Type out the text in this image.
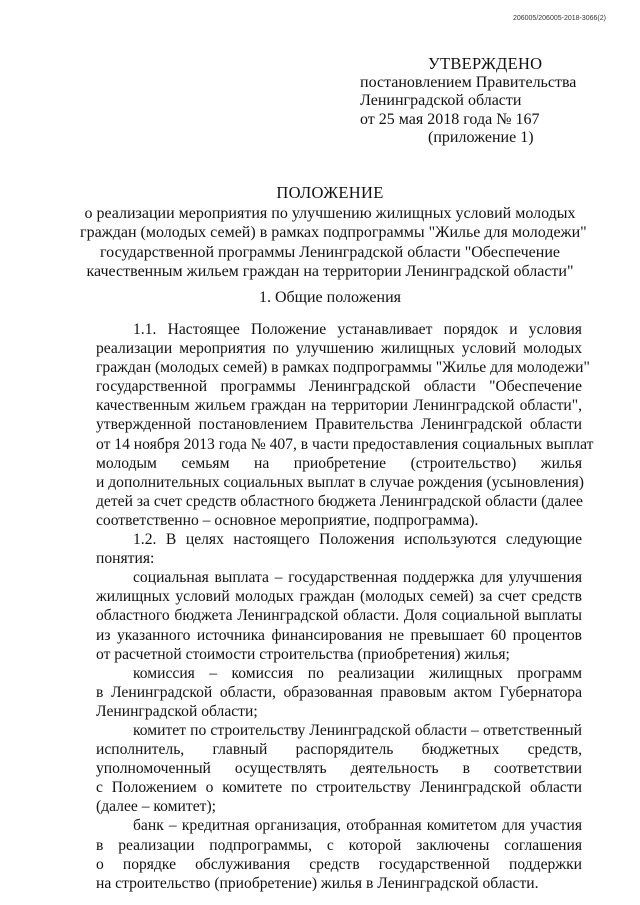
206005/206005-2018-3066(2)
УТВЕРЖДЕНО
постановлением Правительства
Ленинградской области
от 25 мая 2018 года № 167
(приложение 1)
ПОЛОЖЕНИЕ
о реализации мероприятия по улучшению жилищных условий молодых
граждан (молодых семей) в рамках подпрограммы "Жилье для молодежи"
государственной программы Ленинградской области "Обеспечение
качественным жильем граждан на территории Ленинградской области"
1. Общие положения

1.1. Настоящее Положение устанавливает порядок и условия
реализации мероприятия по улучшению жилищных условий молодых
граждан (молодых семей) в рамках подпрограммы "Жилье для молодежи"
государственной программы Ленинградской области "Обеспечение
качественным жильем граждан на территории Ленинградской области",
утвержденной постановлением Правительства Ленинградской области
от 14 ноября 2013 года № 407, в части предоставления социальных выплат
молодым семьям на приобретение (строительство) жилья
и дополнительных социальных выплат в случае рождения (усыновления)
детей за счет средств областного бюджета Ленинградской области (далее
соответственно – основное мероприятие, подпрограмма).

1.2. В целях настоящего Положения используются следующие
понятия:

социальная выплата – государственная поддержка для улучшения
жилищных условий молодых граждан (молодых семей) за счет средств
областного бюджета Ленинградской области. Доля социальной выплаты
из указанного источника финансирования не превышает 60 процентов
от расчетной стоимости строительства (приобретения) жилья;

комиссия – комиссия по реализации жилищных программ
в Ленинградской области, образованная правовым актом Губернатора
Ленинградской области;

комитет по строительству Ленинградской области – ответственный
исполнитель, главный распорядитель бюджетных средств,
уполномоченный осуществлять деятельность в соответствии
с Положением о комитете по строительству Ленинградской области
(далее – комитет);

банк – кредитная организация, отобранная комитетом для участия
в реализации подпрограммы, с которой заключены соглашения
о порядке обслуживания средств государственной поддержки
на строительство (приобретение) жилья в Ленинградской области.
